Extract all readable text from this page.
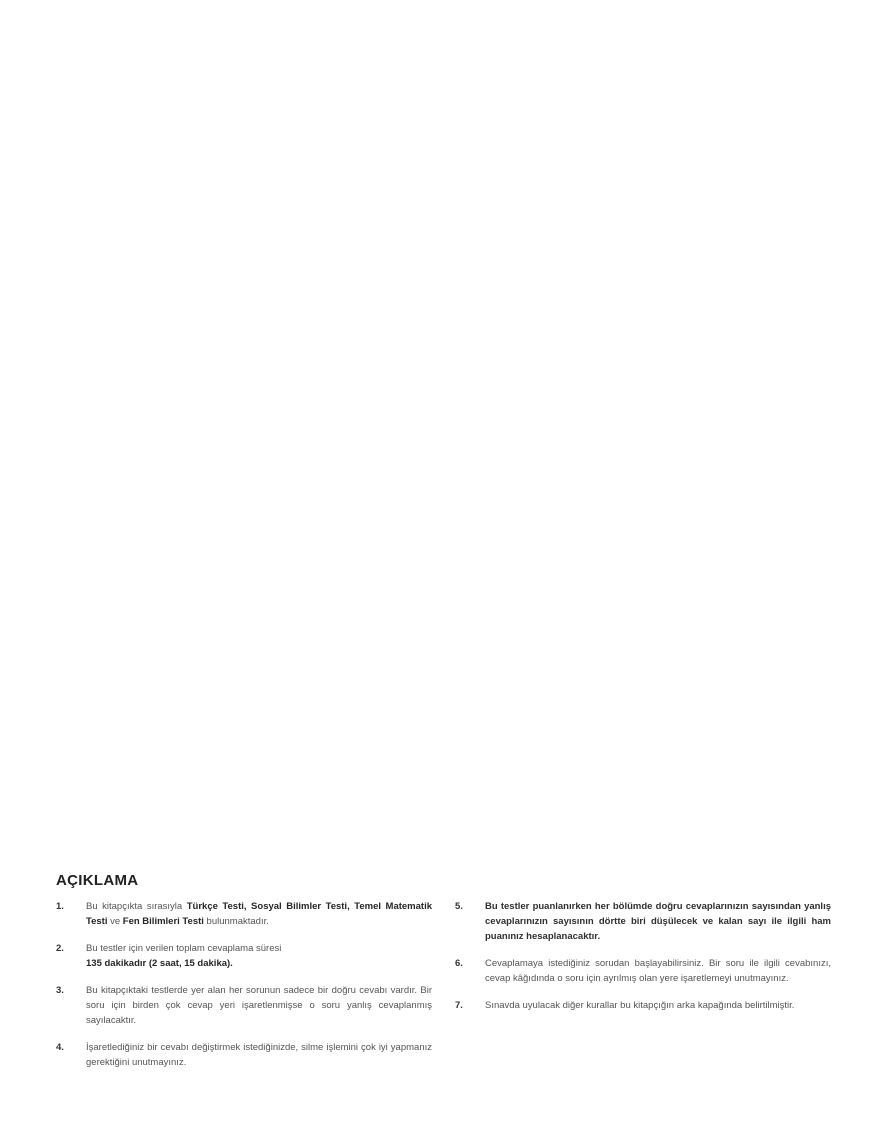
AÇIKLAMA
1.	Bu kitapçıkta sırasıyla Türkçe Testi, Sosyal Bilimler Testi, Temel Matematik Testi ve Fen Bilimleri Testi bulunmaktadır.
2.	Bu testler için verilen toplam cevaplama süresi
135 dakikadır (2 saat, 15 dakika).
3.	Bu kitapçıktaki testlerde yer alan her sorunun sadece bir doğru cevabı vardır. Bir soru için birden çok cevap yeri işaretlenmişse o soru yanlış cevaplanmış sayılacaktır.
4.	İşaretlediğiniz bir cevabı değiştirmek istediğinizde, silme işlemini çok iyi yapmanız gerektiğini unutmayınız.
5.	Bu testler puanlanırken her bölümde doğru cevaplarınızın sayısından yanlış cevaplarınızın sayısının dörtte biri düşülecek ve kalan sayı ile ilgili ham puanınız hesaplanacaktır.
6.	Cevaplamaya istediğiniz sorudan başlayabilirsiniz. Bir soru ile ilgili cevabınızı, cevap kâğıdında o soru için ayrılmış olan yere işaretlemeyi unutmayınız.
7.	Sınavda uyulacak diğer kurallar bu kitapçığın arka kapağında belirtilmiştir.
